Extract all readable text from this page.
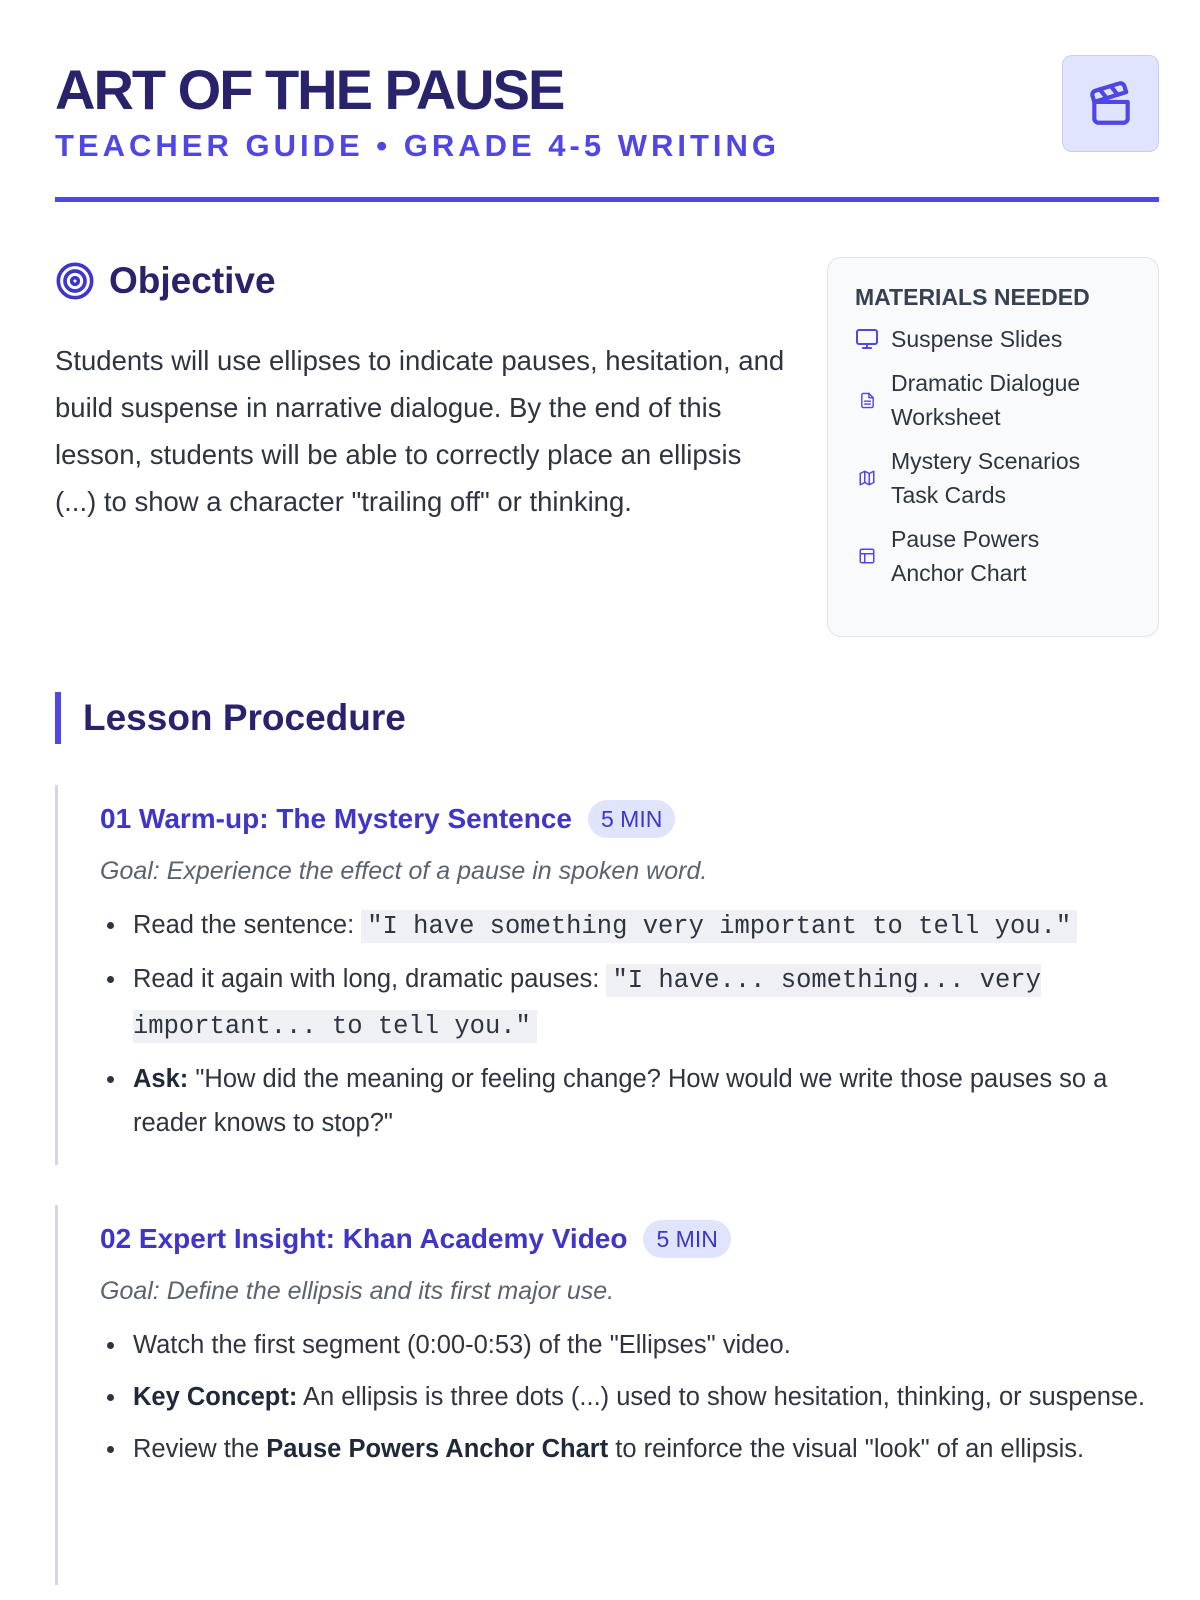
ART OF THE PAUSE
TEACHER GUIDE • GRADE 4-5 WRITING
Objective

Students will use ellipses to indicate pauses, hesitation, and build suspense in narrative dialogue. By the end of this lesson, students will be able to correctly place an ellipsis (...) to show a character "trailing off" or thinking.

MATERIALS NEEDED
Suspense Slides
Dramatic Dialogue Worksheet
Mystery Scenarios Task Cards
Pause Powers Anchor Chart
Lesson Procedure
01 Warm-up: The Mystery Sentence	5 MIN
Goal: Experience the effect of a pause in spoken word.
Read the sentence: "I have something very important to tell you."
Read it again with long, dramatic pauses: "I have... something... very important... to tell you."
Ask: "How did the meaning or feeling change? How would we write those pauses so a reader knows to stop?"
02 Expert Insight: Khan Academy Video	5 MIN
Goal: Define the ellipsis and its first major use.
Watch the first segment (0:00-0:53) of the "Ellipses" video.
Key Concept: An ellipsis is three dots (...) used to show hesitation, thinking, or suspense.
Review the Pause Powers Anchor Chart to reinforce the visual "look" of an ellipsis.
